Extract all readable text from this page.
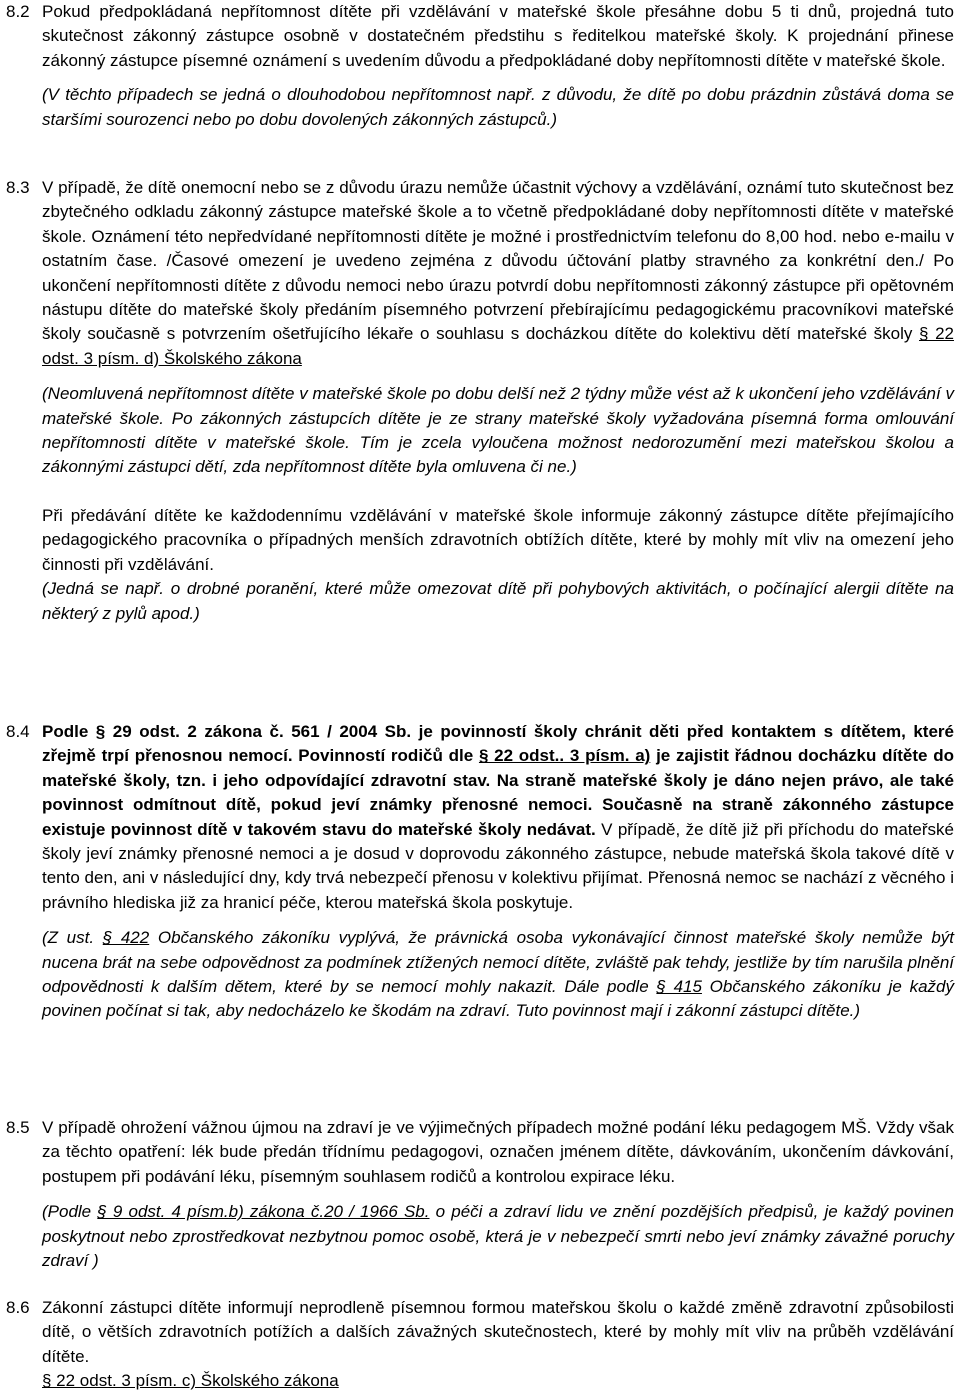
8.2 Pokud předpokládaná nepřítomnost dítěte při vzdělávání v mateřské škole přesáhne dobu 5 ti dnů, projedná tuto skutečnost zákonný zástupce osobně v dostatečném předstihu s ředitelkou mateřské školy. K projednání přinese zákonný zástupce písemné oznámení s uvedením důvodu a předpokládané doby nepřítomnosti dítěte v mateřské škole.

(V těchto případech se jedná o dlouhodobou nepřítomnost např. z důvodu, že dítě po dobu prázdnin zůstává doma se staršími sourozenci nebo po dobu dovolených zákonných zástupců.)

8.3 V případě, že dítě onemocní nebo se z důvodu úrazu nemůže účastnit výchovy a vzdělávání, oznámí tuto skutečnost bez zbytečného odkladu zákonný zástupce mateřské škole a to včetně předpokládané doby nepřítomnosti dítěte v mateřské škole. Oznámení této nepředvídané nepřítomnosti dítěte je možné i prostřednictvím telefonu do 8,00 hod. nebo e-mailu v ostatním čase. /Časové omezení je uvedeno zejména z důvodu účtování platby stravného za konkrétní den./ Po ukončení nepřítomnosti dítěte z důvodu nemoci nebo úrazu potvrdí dobu nepřítomnosti zákonný zástupce při opětovném nástupu dítěte do mateřské školy předáním písemného potvrzení přebírajícímu pedagogickému pracovníkovi mateřské školy současně s potvrzením ošetřujícího lékaře o souhlasu s docházkou dítěte do kolektivu dětí mateřské školy § 22 odst. 3 písm. d) Školského zákona

(Neomluvená nepřítomnost dítěte v mateřské škole po dobu delší než 2 týdny může vést až k ukončení jeho vzdělávání v mateřské škole. Po zákonných zástupcích dítěte je ze strany mateřské školy vyžadována písemná forma omlouvání nepřítomnosti dítěte v mateřské škole. Tím je zcela vyloučena možnost nedorozumění mezi mateřskou školou a zákonnými zástupci dětí, zda nepřítomnost dítěte byla omluvena či ne.)

Při předávání dítěte ke každodennímu vzdělávání v mateřské škole informuje zákonný zástupce dítěte přejímajícího pedagogického pracovníka o případných menších zdravotních obtížích dítěte, které by mohly mít vliv na omezení jeho činnosti při vzdělávání.

(Jedná se např. o drobné poranění, které může omezovat dítě při pohybových aktivitách, o počínající alergii dítěte na některý z pylů apod.)

8.4 Podle § 29 odst. 2 zákona č. 561 / 2004 Sb. je povinností školy chránit děti před kontaktem s dítětem, které zřejmě trpí přenosnou nemocí. Povinností rodičů dle § 22 odst.. 3 písm. a) je zajistit řádnou docházku dítěte do mateřské školy, tzn. i jeho odpovídající zdravotní stav. Na straně mateřské školy je dáno nejen právo, ale také povinnost odmítnout dítě, pokud jeví známky přenosné nemoci. Současně na straně zákonného zástupce existuje povinnost dítě v takovém stavu do mateřské školy nedávat. V případě, že dítě již při příchodu do mateřské školy jeví známky přenosné nemoci a je dosud v doprovodu zákonného zástupce, nebude mateřská škola takové dítě v tento den, ani v následující dny, kdy trvá nebezpečí přenosu v kolektivu přijímat. Přenosná nemoc se nachází z věcného i právního hlediska již za hranicí péče, kterou mateřská škola poskytuje.

(Z ust. § 422 Občanského zákoníku vyplývá, že právnická osoba vykonávající činnost mateřské školy nemůže být nucena brát na sebe odpovědnost za podmínek ztížených nemocí dítěte, zvláště pak tehdy, jestliže by tím narušila plnění odpovědnosti k dalším dětem, které by se nemocí mohly nakazit. Dále podle § 415 Občanského zákoníku je každý povinen počínat si tak, aby nedocházelo ke škodám na zdraví. Tuto povinnost mají i zákonní zástupci dítěte.)

8.5 V případě ohrožení vážnou újmou na zdraví je ve výjimečných případech možné podání léku pedagogem MŠ. Vždy však za těchto opatření: lék bude předán třídnímu pedagogovi, označen jménem dítěte, dávkováním, ukončením dávkování, postupem při podávání léku, písemným souhlasem rodičů a kontrolou expirace léku.

(Podle § 9 odst. 4 písm.b) zákona č.20 / 1966 Sb. o péči a zdraví lidu ve znění pozdějších předpisů, je každý povinen poskytnout nebo zprostředkovat nezbytnou pomoc osobě, která je v nebezpečí smrti nebo jeví známky závažné poruchy zdraví )

8.6 Zákonní zástupci dítěte informují neprodleně písemnou formou mateřskou školu o každé změně zdravotní způsobilosti dítě, o větších zdravotních potížích a dalších závažných skutečnostech, které by mohly mít vliv na průběh vzdělávání dítěte.

§ 22 odst. 3 písm. c) Školského zákona
